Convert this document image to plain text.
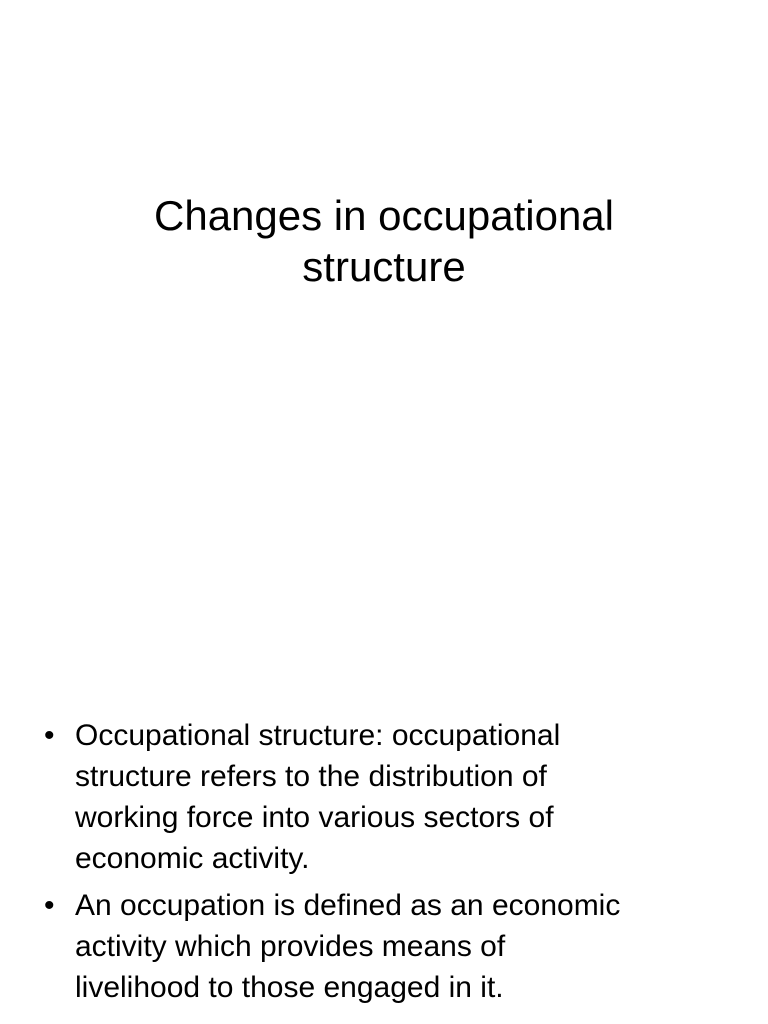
Changes in occupational
structure
• Occupational structure: occupational
structure refers to the distribution of
working force into various sectors of
economic activity.
• An occupation is defined as an economic
activity which provides means of
livelihood to those engaged in it.
